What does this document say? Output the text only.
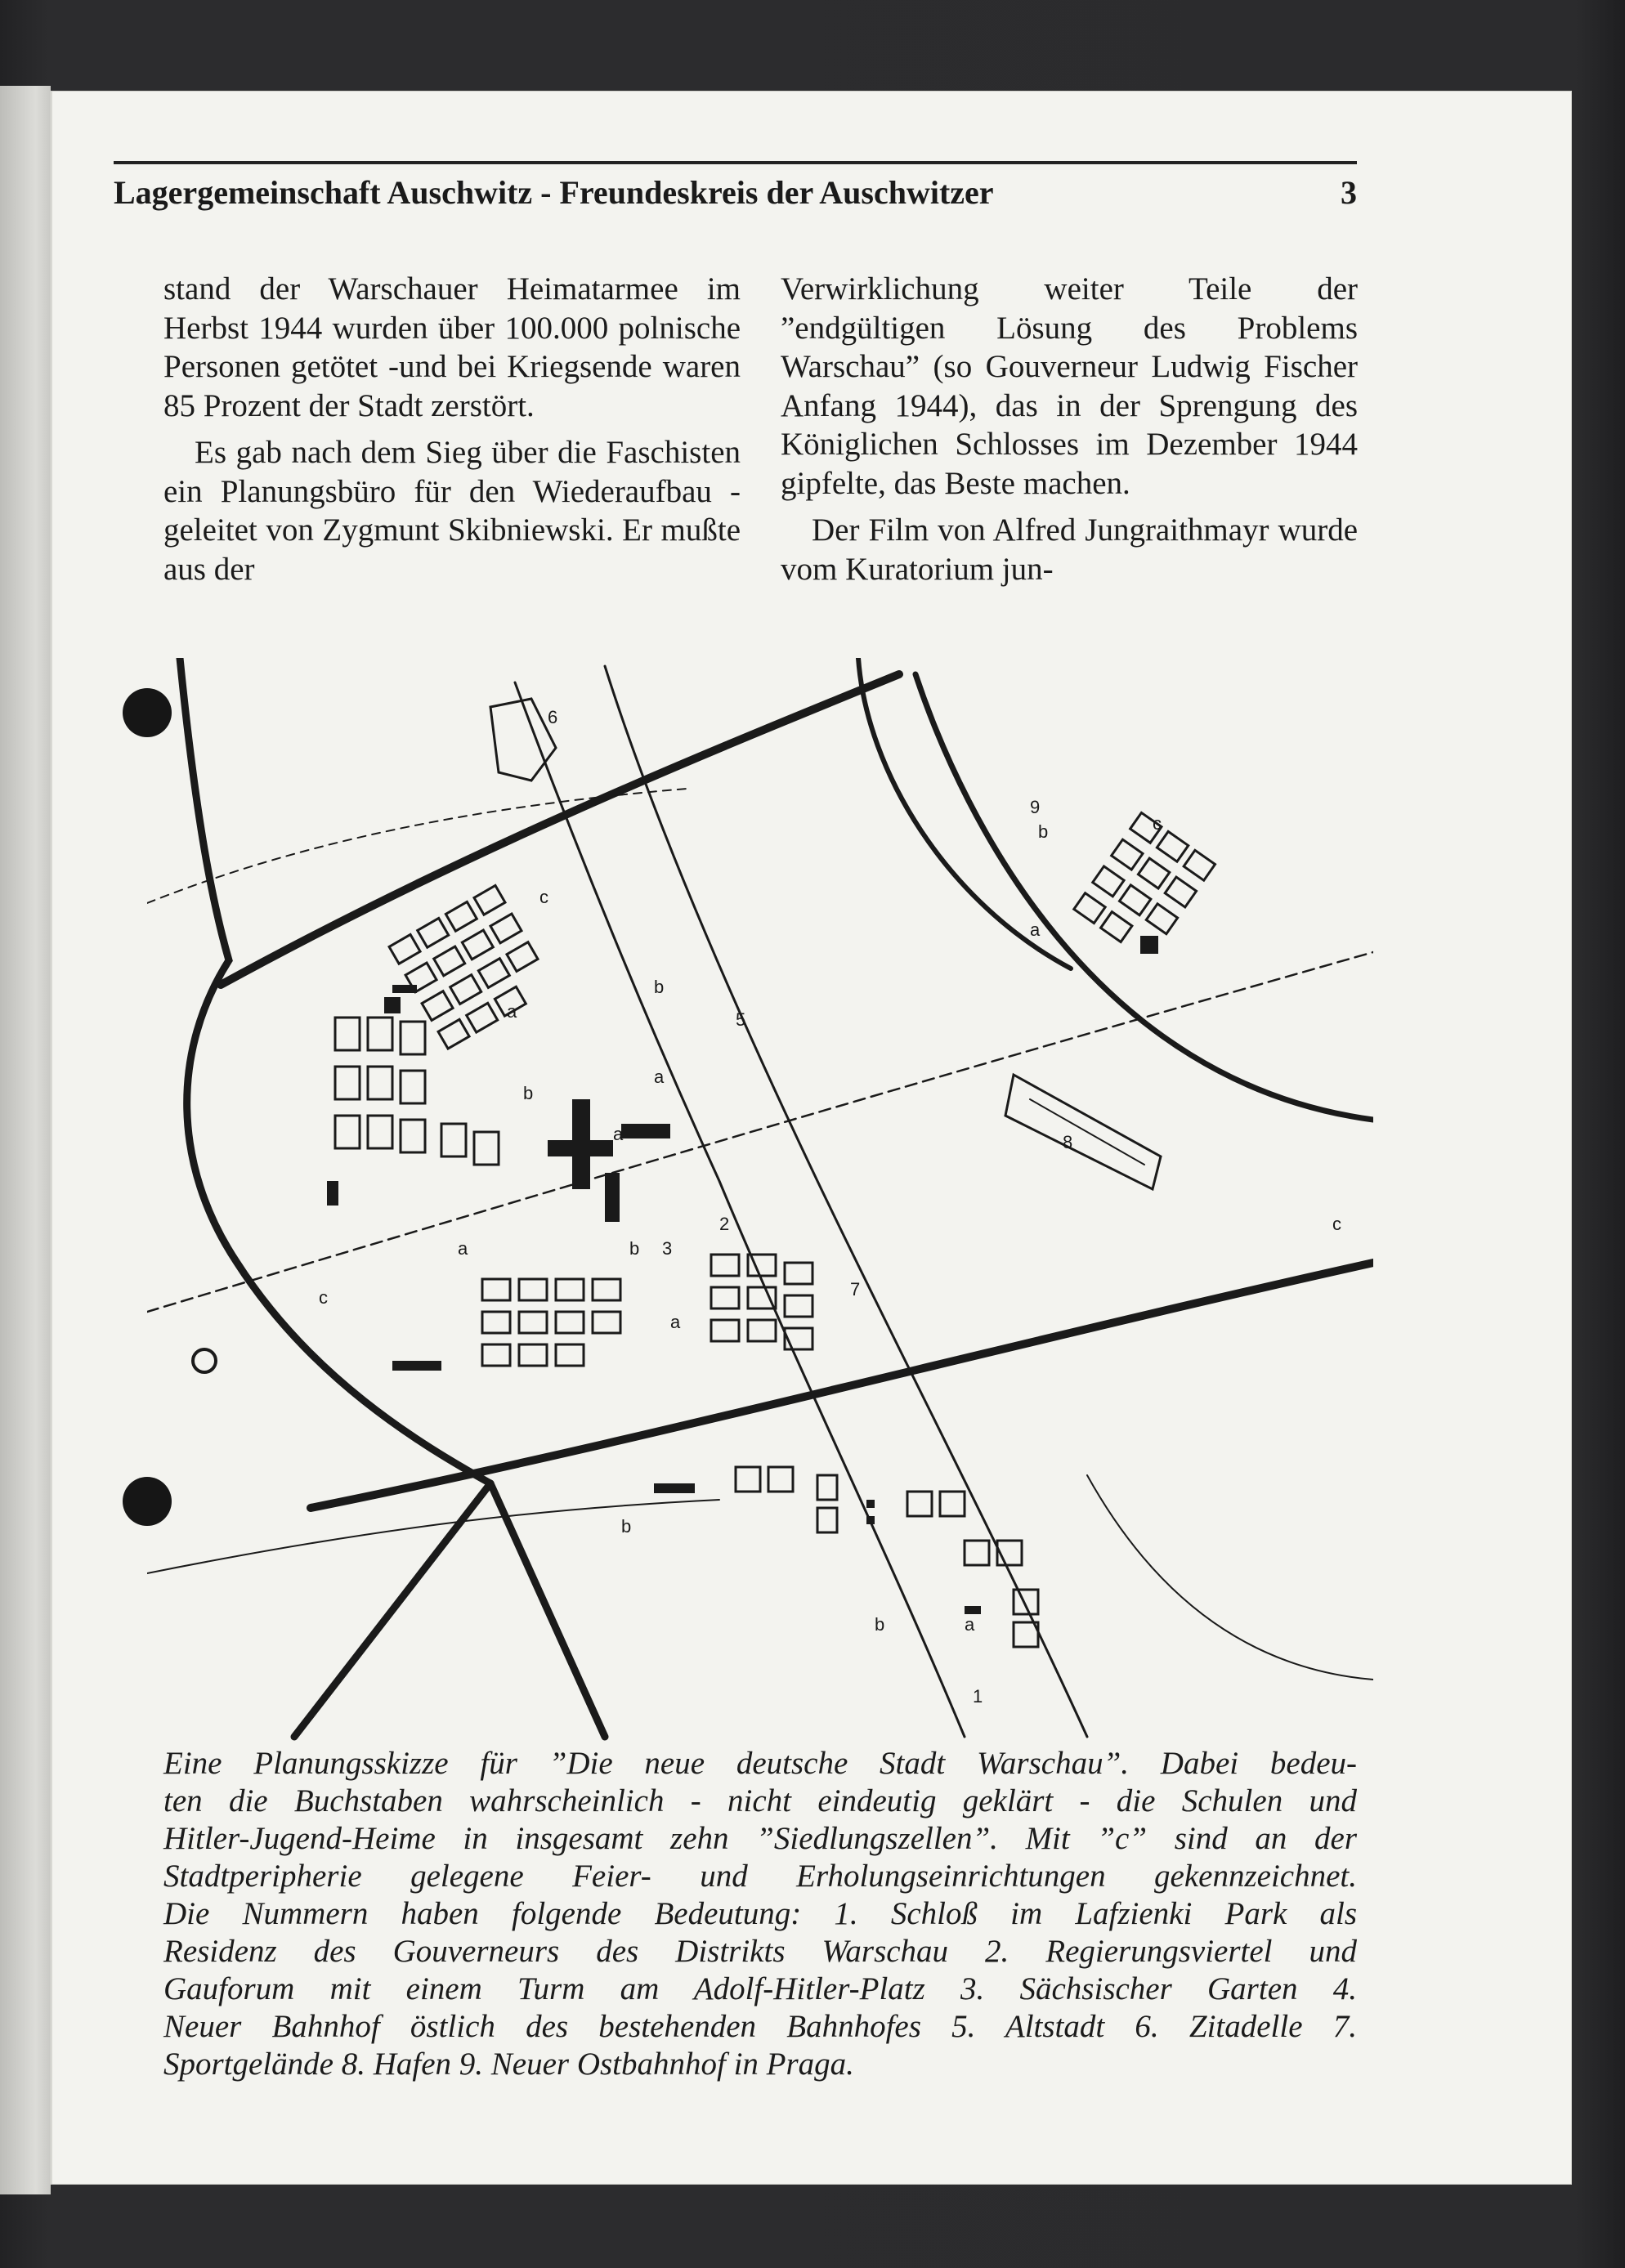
Lagergemeinschaft Auschwitz - Freundeskreis der Auschwitzer	3

stand der Warschauer Heimatarmee im Herbst 1944 wurden über 100.000 polnische Personen getötet -und bei Kriegsende waren 85 Prozent der Stadt zerstört.

Es gab nach dem Sieg über die Faschisten ein Planungsbüro für den Wiederaufbau - geleitet von Zygmunt Skibniewski. Er mußte aus der

Verwirklichung weiter Teile der ”endgültigen Lösung des Problems Warschau” (so Gouverneur Ludwig Fischer Anfang 1944), das in der Sprengung des Königlichen Schlosses im Dezember 1944 gipfelte, das Beste machen.

Der Film von Alfred Jungraithmayr wurde vom Kuratorium jun-

1
2
3
5
6
7
8
9
a
a
a
a
a
a
a
b
b
b
b
b
b
c
c
c
c
Eine Planungsskizze für ”Die neue deutsche Stadt Warschau”. Dabei bedeu-
ten die Buchstaben wahrscheinlich - nicht eindeutig geklärt - die Schulen und
Hitler-Jugend-Heime in insgesamt zehn ”Siedlungszellen”. Mit ”c” sind an der
Stadtperipherie gelegene Feier- und Erholungseinrichtungen gekennzeichnet.
Die Nummern haben folgende Bedeutung: 1. Schloß im Lafzienki Park als
Residenz des Gouverneurs des Distrikts Warschau 2. Regierungsviertel und
Gauforum mit einem Turm am Adolf-Hitler-Platz 3. Sächsischer Garten 4.
Neuer Bahnhof östlich des bestehenden Bahnhofes 5. Altstadt 6. Zitadelle 7.
Sportgelände 8. Hafen 9. Neuer Ostbahnhof in Praga.
